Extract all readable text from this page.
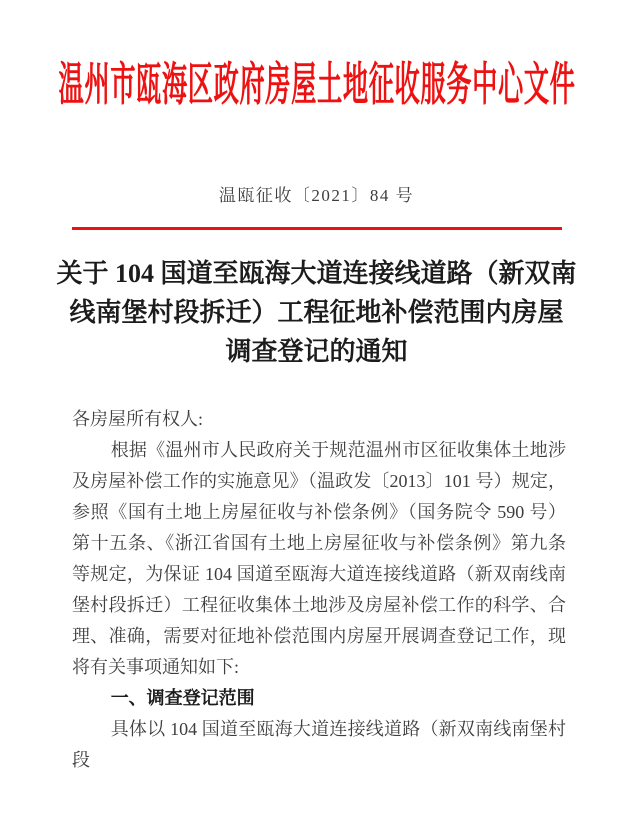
温州市瓯海区政府房屋土地征收服务中心文件
温瓯征收〔2021〕84 号
关于 104 国道至瓯海大道连接线道路（新双南
线南堡村段拆迁）工程征地补偿范围内房屋
调查登记的通知

各房屋所有权人:

根据《温州市人民政府关于规范温州市区征收集体土地涉及房屋补偿工作的实施意见》（温政发〔2013〕101 号）规定，参照《国有土地上房屋征收与补偿条例》（国务院令 590 号）第十五条、《浙江省国有土地上房屋征收与补偿条例》第九条等规定，为保证 104 国道至瓯海大道连接线道路（新双南线南堡村段拆迁）工程征收集体土地涉及房屋补偿工作的科学、合理、准确，需要对征地补偿范围内房屋开展调查登记工作，现将有关事项通知如下:

一、调查登记范围

具体以 104 国道至瓯海大道连接线道路（新双南线南堡村段
